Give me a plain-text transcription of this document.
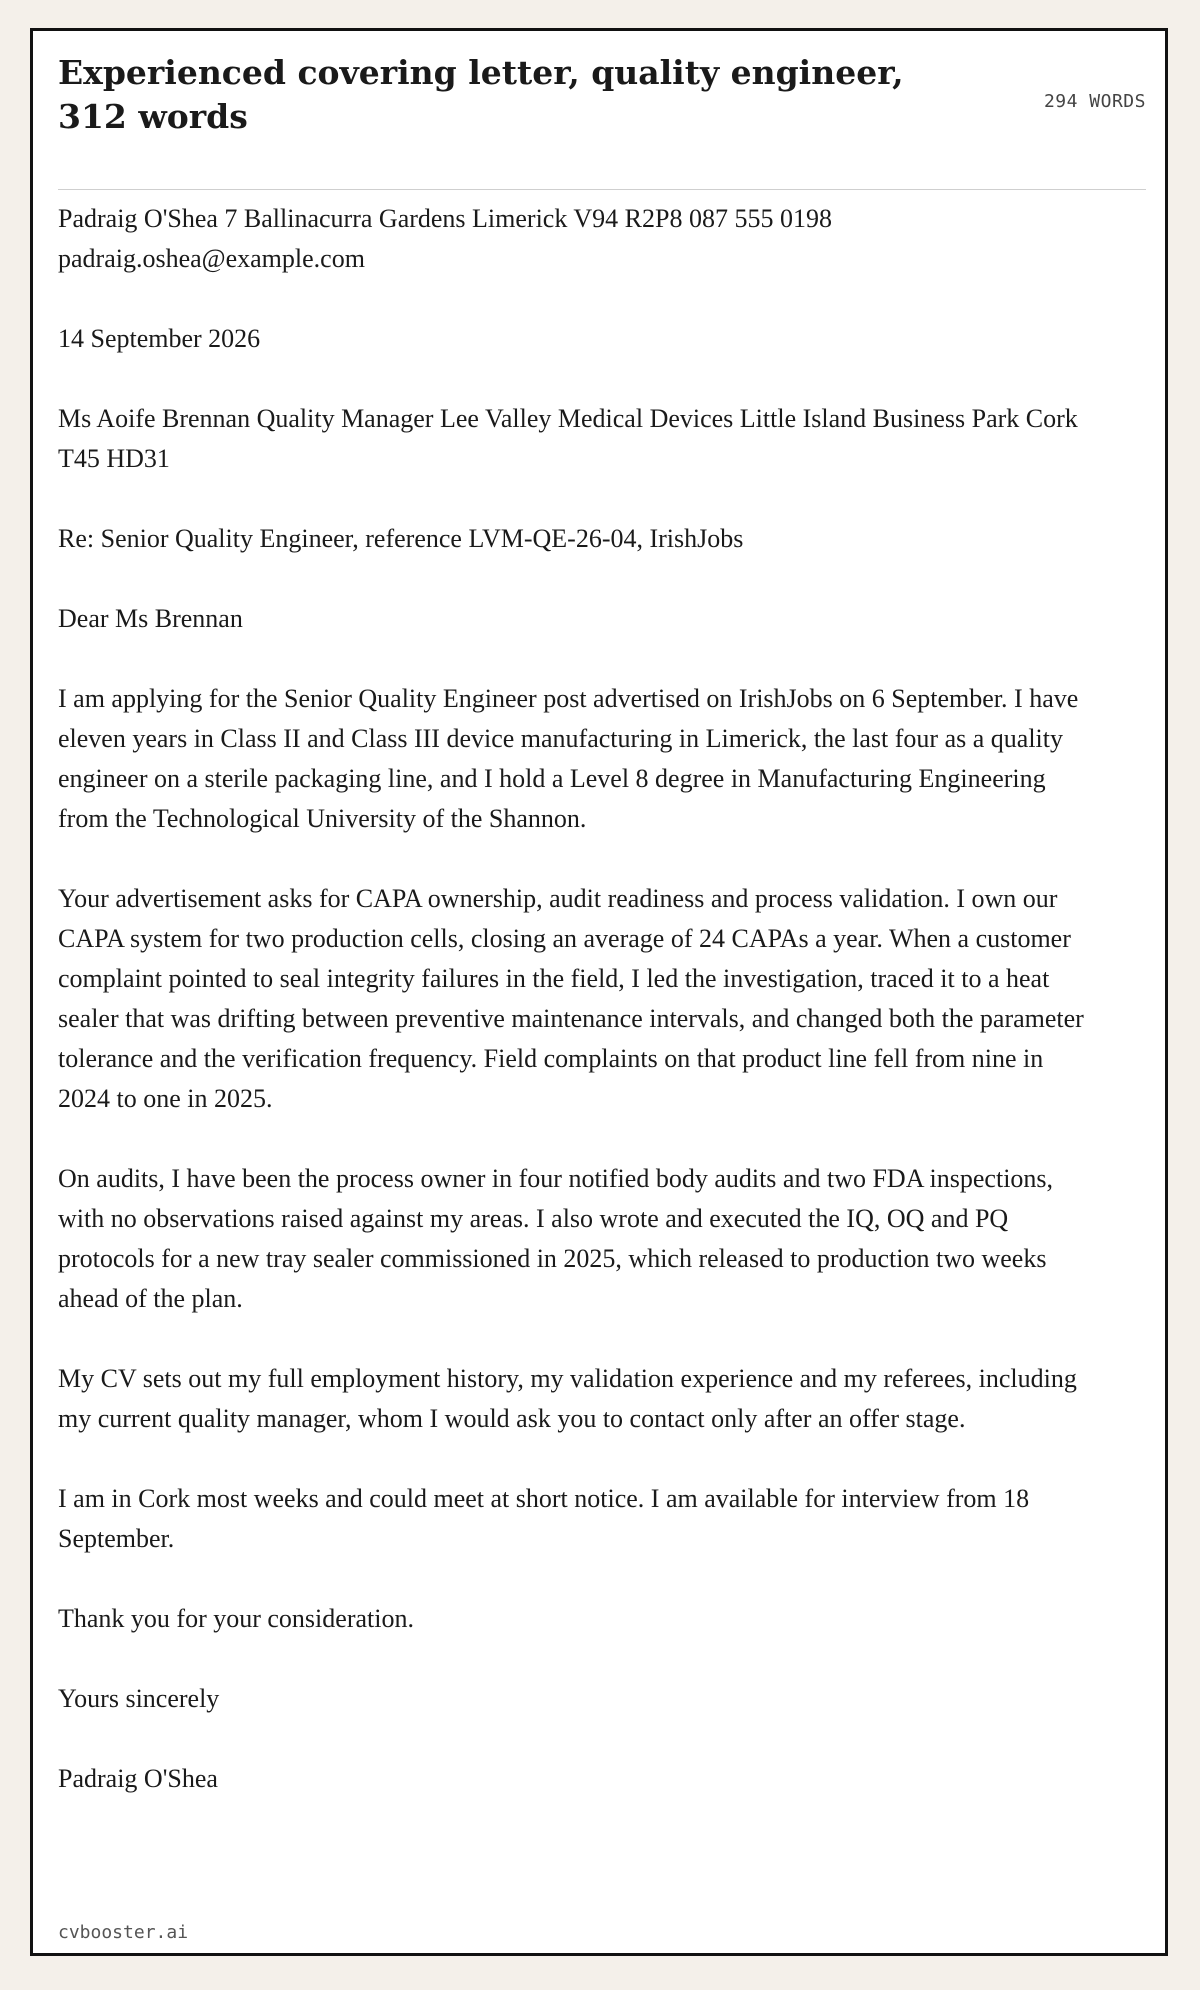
Experienced covering letter, quality engineer, 312 words	294 WORDS

Padraig O'Shea 7 Ballinacurra Gardens Limerick V94 R2P8 087 555 0198 padraig.oshea@example.com

14 September 2026

Ms Aoife Brennan Quality Manager Lee Valley Medical Devices Little Island Business Park Cork T45 HD31

Re: Senior Quality Engineer, reference LVM-QE-26-04, IrishJobs

Dear Ms Brennan

I am applying for the Senior Quality Engineer post advertised on IrishJobs on 6 September. I have eleven years in Class II and Class III device manufacturing in Limerick, the last four as a quality engineer on a sterile packaging line, and I hold a Level 8 degree in Manufacturing Engineering from the Technological University of the Shannon.

Your advertisement asks for CAPA ownership, audit readiness and process validation. I own our CAPA system for two production cells, closing an average of 24 CAPAs a year. When a customer complaint pointed to seal integrity failures in the field, I led the investigation, traced it to a heat sealer that was drifting between preventive maintenance intervals, and changed both the parameter tolerance and the verification frequency. Field complaints on that product line fell from nine in 2024 to one in 2025.

On audits, I have been the process owner in four notified body audits and two FDA inspections, with no observations raised against my areas. I also wrote and executed the IQ, OQ and PQ protocols for a new tray sealer commissioned in 2025, which released to production two weeks ahead of the plan.

My CV sets out my full employment history, my validation experience and my referees, including my current quality manager, whom I would ask you to contact only after an offer stage.

I am in Cork most weeks and could meet at short notice. I am available for interview from 18 September.

Thank you for your consideration.

Yours sincerely

Padraig O'Shea

cvbooster.ai
